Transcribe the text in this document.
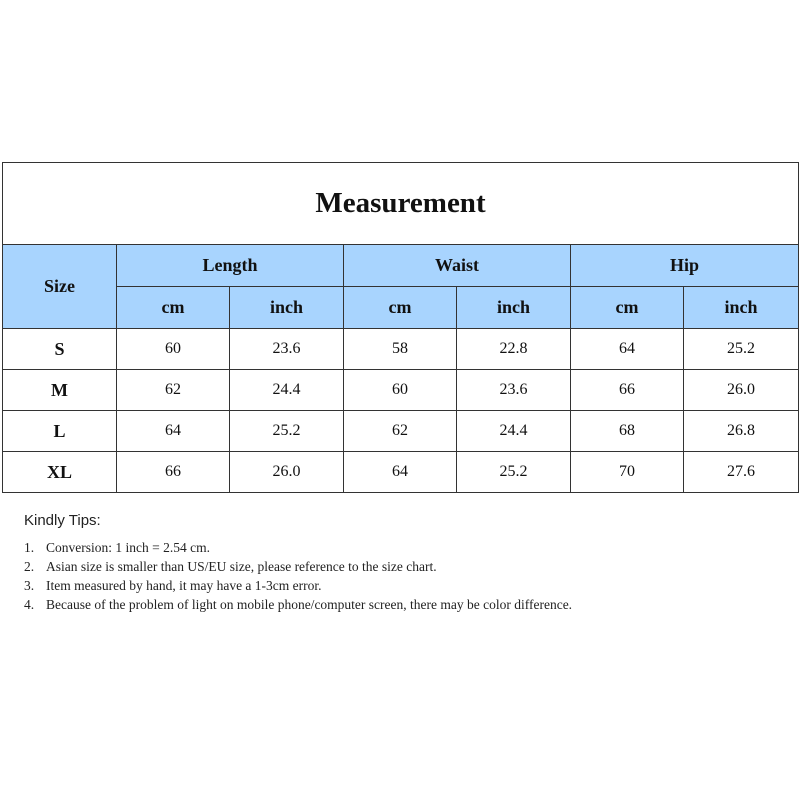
Measurement						
Size	Length		Waist		Hip	
	cm	inch	cm	inch	cm	inch
S	60	23.6	58	22.8	64	25.2
M	62	24.4	60	23.6	66	26.0
L	64	25.2	62	24.4	68	26.8
XL	66	26.0	64	25.2	70	27.6
Kindly Tips:
1. Conversion: 1 inch = 2.54 cm.
2. Asian size is smaller than US/EU size, please reference to the size chart.
3. Item measured by hand, it may have a 1-3cm error.
4. Because of the problem of light on mobile phone/computer screen, there may be color difference.
